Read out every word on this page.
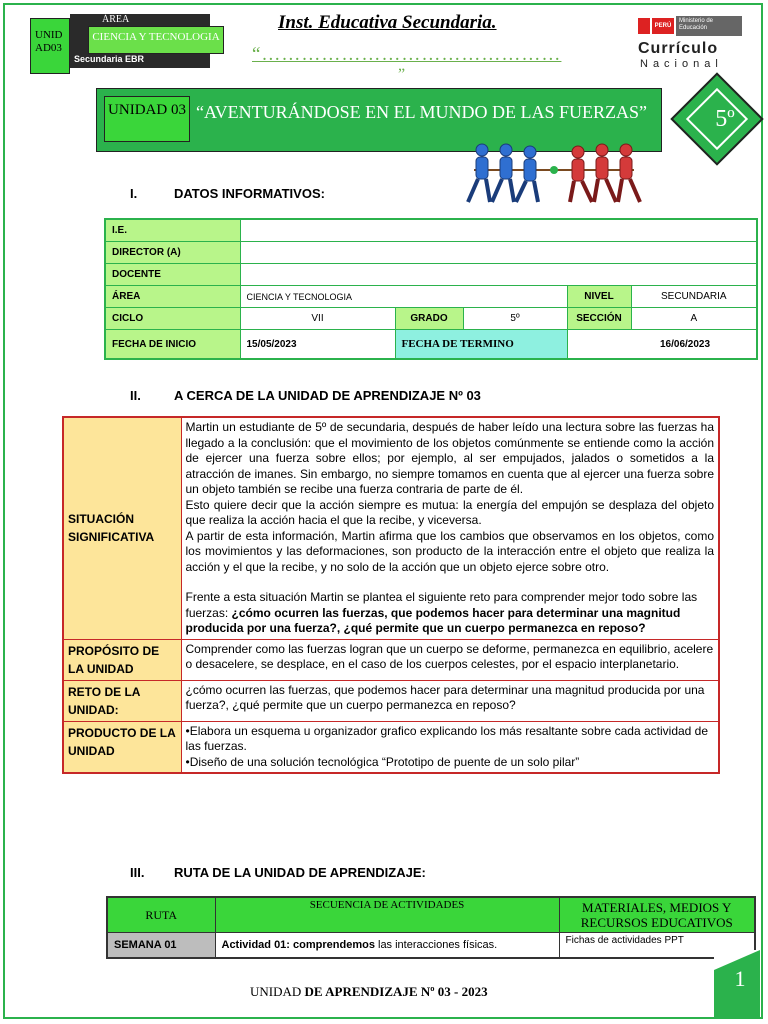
ÁREA
CIENCIA Y TECNOLOGIA
Secundaria EBR
UNID AD03
Inst. Educativa Secundaria.
“………………………………………
”
PERÚ
Ministerio de Educación
Currículo
Nacional
UNIDAD 03 “AVENTURÁNDOSE EN EL MUNDO DE LAS FUERZAS”	5º
I.	DATOS INFORMATIVOS:
I.E.					
DIRECTOR (A)					
DOCENTE					
ÁREA	CIENCIA Y TECNOLOGIA			NIVEL	SECUNDARIA
CICLO	VII	GRADO	5º	SECCIÓN	A
FECHA DE INICIO	15/05/2023	FECHA DE TERMINO		16/06/2023	
II.	A CERCA DE LA UNIDAD DE APRENDIZAJE Nº 03
SITUACIÓN SIGNIFICATIVA	Martin un estudiante de 5º de secundaria, después de haber leído una lectura sobre las fuerzas ha llegado a la conclusión: que el movimiento de los objetos comúnmente se entiende como la acción de ejercer una fuerza sobre ellos; por ejemplo, al ser empujados, jalados o sometidos a la atracción de imanes. Sin embargo, no siempre tomamos en cuenta que al ejercer una fuerza sobre un objeto también se recibe una fuerza contraria de parte de él.
Esto quiere decir que la acción siempre es mutua: la energía del empujón se desplaza del objeto que realiza la acción hacia el que la recibe, y viceversa.
A partir de esta información, Martin afirma que los cambios que observamos en los objetos, como los movimientos y las deformaciones, son producto de la interacción entre el objeto que realiza la acción y el que la recibe, y no solo de la acción que un objeto ejerce sobre otro.
Frente a esta situación Martin se plantea el siguiente reto para comprender mejor todo sobre las fuerzas: ¿cómo ocurren las fuerzas, que podemos hacer para determinar una magnitud producida por una fuerza?, ¿qué permite que un cuerpo permanezca en reposo?

PROPÓSITO DE LA UNIDAD	Comprender como las fuerzas logran que un cuerpo se deforme, permanezca en equilibrio, acelere o desacelere, se desplace, en el caso de los cuerpos celestes, por el espacio interplanetario.
RETO DE LA UNIDAD:	¿cómo ocurren las fuerzas, que podemos hacer para determinar una magnitud producida por una fuerza?, ¿qué permite que un cuerpo permanezca en reposo?
PRODUCTO DE LA UNIDAD	•Elabora un esquema u organizador grafico explicando los más resaltante sobre cada actividad de las fuerzas.
•Diseño de una solución tecnológica “Prototipo de puente de un solo pilar”
III. RUTA DE LA UNIDAD DE APRENDIZAJE:
RUTA	SECUENCIA DE ACTIVIDADES	MATERIALES, MEDIOS Y RECURSOS EDUCATIVOS
SEMANA 01	Actividad 01: comprendemos las interacciones físicas.	Fichas de actividades PPT
UNIDAD DE APRENDIZAJE Nº 03 - 2023
1
